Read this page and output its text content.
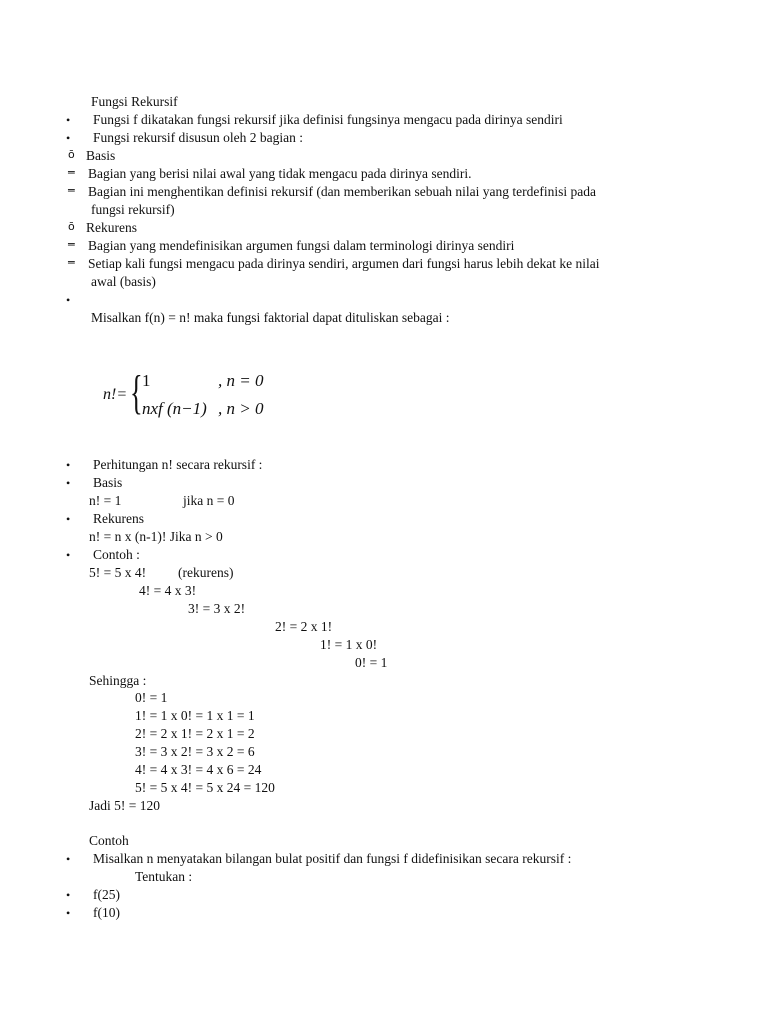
Fungsi Rekursif
• Fungsi f dikatakan fungsi rekursif jika definisi fungsinya mengacu pada dirinya sendiri
• Fungsi rekursif disusun oleh 2 bagian :
ō Basis
═ Bagian yang berisi nilai awal yang tidak mengacu pada dirinya sendiri.
═ Bagian ini menghentikan definisi rekursif (dan memberikan sebuah nilai yang terdefinisi pada
fungsi rekursif)
ō Rekurens
═ Bagian yang mendefinisikan argumen fungsi dalam terminologi dirinya sendiri
═ Setiap kali fungsi mengacu pada dirinya sendiri, argumen dari fungsi harus lebih dekat ke nilai
awal (basis)
•
Misalkan f(n) = n! maka fungsi faktorial dapat dituliskan sebagai :
n!= { 1	, n = 0
nxf (n−1) , n > 0
• Perhitungan n! secara rekursif :
• Basis
n! = 1	jika n = 0
• Rekurens
n! = n x (n-1)! Jika n > 0
• Contoh :
5! = 5 x 4! (rekurens)
4! = 4 x 3!
3! = 3 x 2!
2! = 2 x 1!
1! = 1 x 0!
0! = 1
Sehingga :
0! = 1
1! = 1 x 0! = 1 x 1 = 1
2! = 2 x 1! = 2 x 1 = 2
3! = 3 x 2! = 3 x 2 = 6
4! = 4 x 3! = 4 x 6 = 24
5! = 5 x 4! = 5 x 24 = 120
Jadi 5! = 120
Contoh
• Misalkan n menyatakan bilangan bulat positif dan fungsi f didefinisikan secara rekursif :
Tentukan :
• f(25)
• f(10)
